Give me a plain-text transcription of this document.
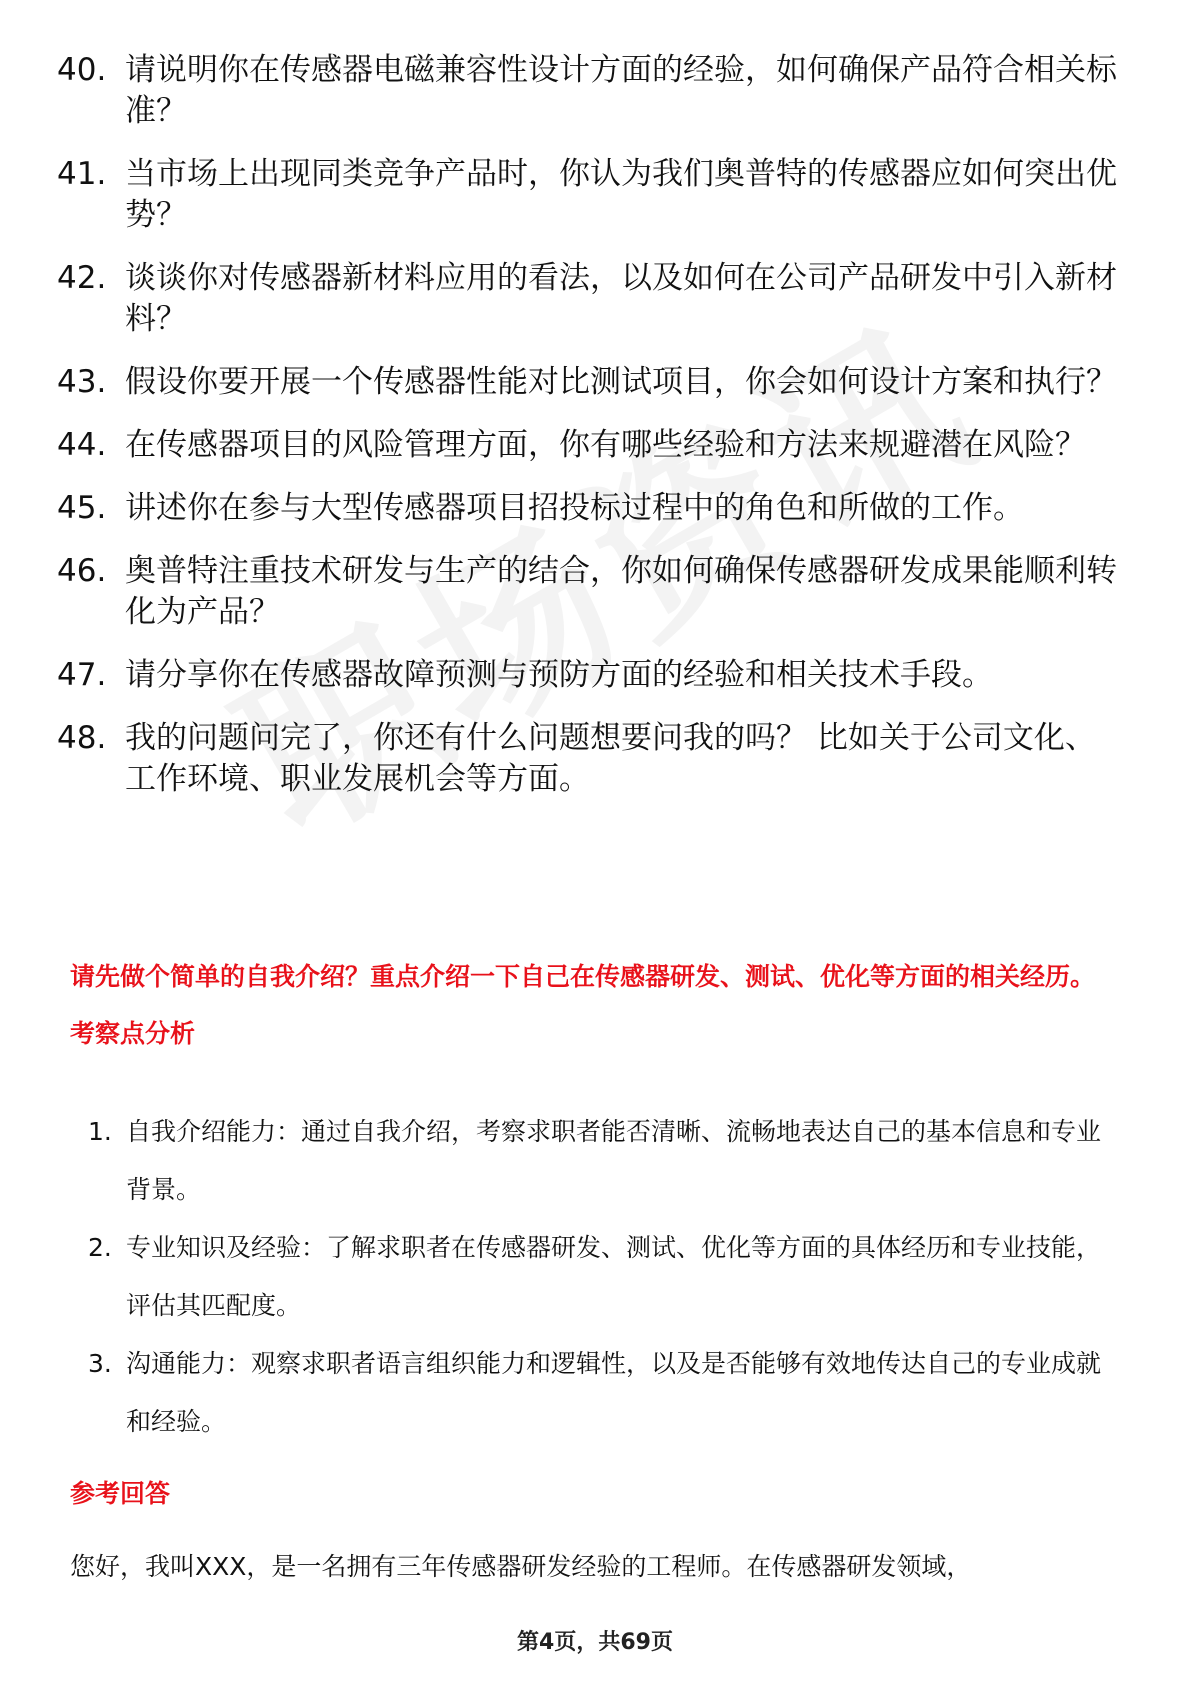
40. 请说明你在传感器电磁兼容性设计方面的经验，如何确保产品符合相关标准？
41. 当市场上出现同类竞争产品时，你认为我们奥普特的传感器应如何突出优势？
42. 谈谈你对传感器新材料应用的看法，以及如何在公司产品研发中引入新材料？
43. 假设你要开展一个传感器性能对比测试项目，你会如何设计方案和执行？
44. 在传感器项目的风险管理方面，你有哪些经验和方法来规避潜在风险？
45. 讲述你在参与大型传感器项目招投标过程中的角色和所做的工作。
46. 奥普特注重技术研发与生产的结合，你如何确保传感器研发成果能顺利转化为产品？
47. 请分享你在传感器故障预测与预防方面的经验和相关技术手段。
48. 我的问题问完了，你还有什么问题想要问我的吗？ 比如关于公司文化、工作环境、职业发展机会等方面。

请先做个简单的自我介绍？重点介绍一下自己在传感器研发、测试、优化等方面的相关经历。

考察点分析

1. 自我介绍能力：通过自我介绍，考察求职者能否清晰、流畅地表达自己的基本信息和专业背景。
2. 专业知识及经验：了解求职者在传感器研发、测试、优化等方面的具体经历和专业技能，评估其匹配度。
3. 沟通能力：观察求职者语言组织能力和逻辑性，以及是否能够有效地传达自己的专业成就和经验。

参考回答

您好，我叫XXX，是一名拥有三年传感器研发经验的工程师。在传感器研发领域，

第4页，共69页
